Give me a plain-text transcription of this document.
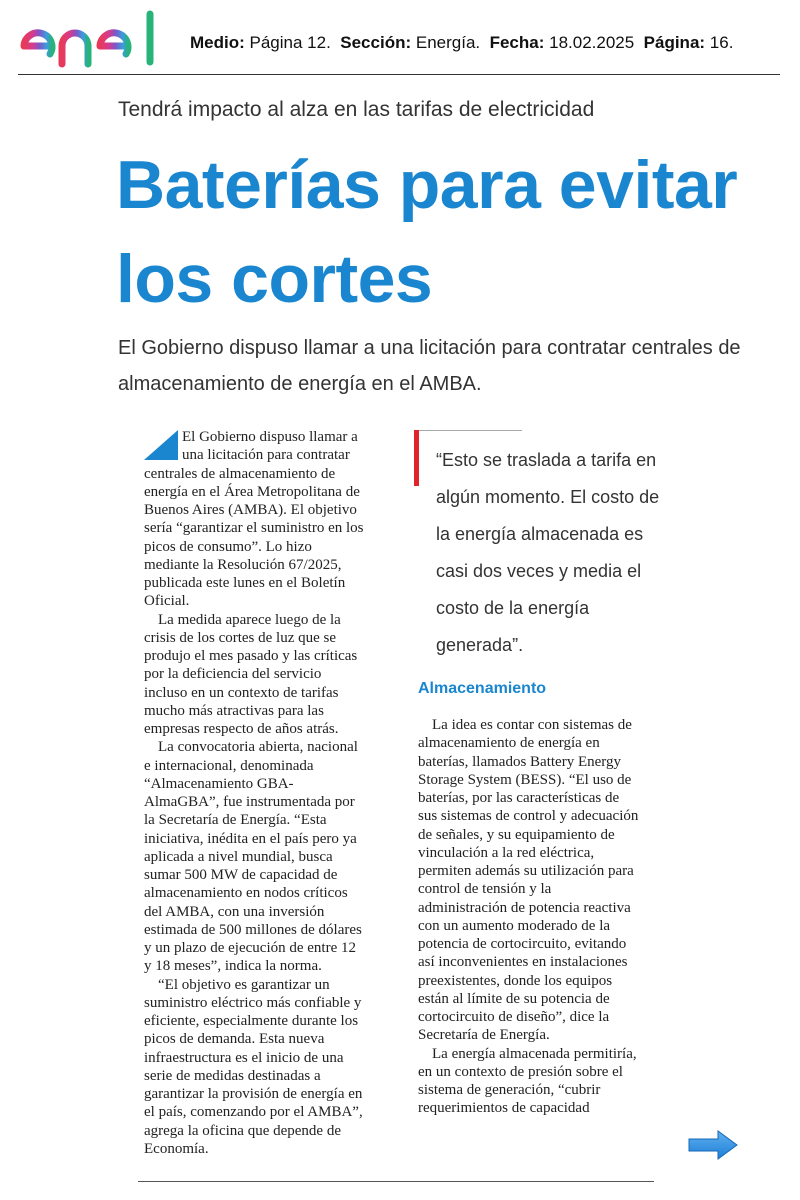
Medio: Página 12. Sección: Energía. Fecha: 18.02.2025 Página: 16.
Tendrá impacto al alza en las tarifas de electricidad
Baterías para evitar los cortes
El Gobierno dispuso llamar a una licitación para contratar centrales de almacenamiento de energía en el AMBA.

El Gobierno dispuso llamar a una licitación para contratar centrales de almacenamiento de energía en el Área Metropolitana de Buenos Aires (AMBA). El objetivo sería “garantizar el suministro en los picos de consumo”. Lo hizo mediante la Resolución 67/2025, publicada este lunes en el Boletín Oficial.

La medida aparece luego de la crisis de los cortes de luz que se produjo el mes pasado y las críticas por la deficiencia del servicio incluso en un contexto de tarifas mucho más atractivas para las empresas respecto de años atrás.

La convocatoria abierta, nacional e internacional, denominada “Almacenamiento GBA-AlmaGBA”, fue instrumentada por la Secretaría de Energía. “Esta iniciativa, inédita en el país pero ya aplicada a nivel mundial, busca sumar 500 MW de capacidad de almacenamiento en nodos críticos del AMBA, con una inversión estimada de 500 millones de dólares y un plazo de ejecución de entre 12 y 18 meses”, indica la norma.

“El objetivo es garantizar un suministro eléctrico más confiable y eficiente, especialmente durante los picos de demanda. Esta nueva infraestructura es el inicio de una serie de medidas destinadas a garantizar la provisión de energía en el país, comenzando por el AMBA”, agrega la oficina que depende de Economía.

“Esto se traslada a tarifa en algún momento. El costo de la energía almacenada es casi dos veces y media el costo de la energía generada”.
Almacenamiento

La idea es contar con sistemas de almacenamiento de energía en baterías, llamados Battery Energy Storage System (BESS). “El uso de baterías, por las características de sus sistemas de control y adecuación de señales, y su equipamiento de vinculación a la red eléctrica, permiten además su utilización para control de tensión y la administración de potencia reactiva con un aumento moderado de la potencia de cortocircuito, evitando así inconvenientes en instalaciones preexistentes, donde los equipos están al límite de su potencia de cortocircuito de diseño”, dice la Secretaría de Energía.

La energía almacenada permitiría, en un contexto de presión sobre el sistema de generación, “cubrir requerimientos de capacidad
